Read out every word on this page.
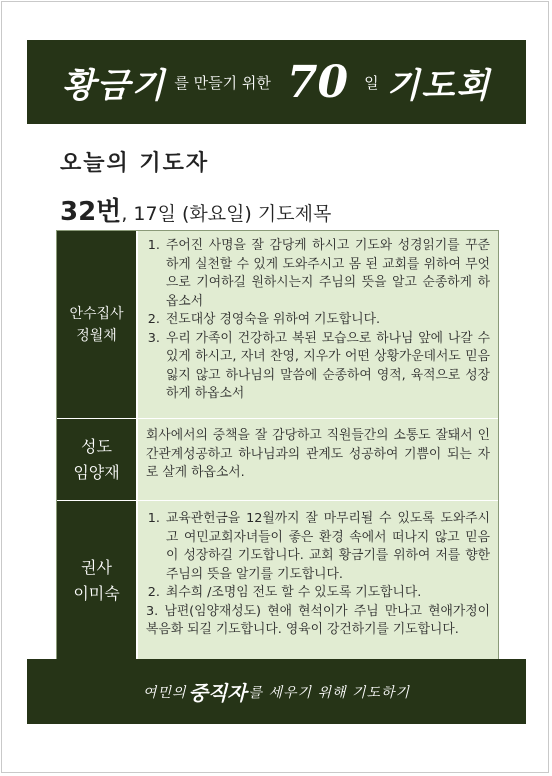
황금기 를 만들기 위한 70 일 기도회
오늘의 기도자
32번, 17일 (화요일) 기도제목
안수집사
정월채
1. 주어진 사명을 잘 감당케 하시고 기도와 성경읽기를 꾸준하게 실천할 수 있게 도와주시고 몸 된 교회를 위하여 무엇으로 기여하길 원하시는지 주님의 뜻을 알고 순종하게 하옵소서
2. 전도대상 경영숙을 위하여 기도합니다.
3. 우리 가족이 건강하고 복된 모습으로 하나님 앞에 나갈 수 있게 하시고, 자녀 찬영, 지우가 어떤 상황가운데서도 믿음 잃지 않고 하나님의 말씀에 순종하여 영적, 육적으로 성장하게 하옵소서
성도
임양재

회사에서의 중책을 잘 감당하고 직원들간의 소통도 잘돼서 인간관계성공하고 하나님과의 관계도 성공하여 기쁨이 되는 자로 살게 하옵소서.

권사
이미숙
1. 교육관헌금을 12월까지 잘 마무리될 수 있도록 도와주시고 여민교회자녀들이 좋은 환경 속에서 떠나지 않고 믿음이 성장하길 기도합니다. 교회 황금기를 위하여 저를 향한 주님의 뜻을 알기를 기도합니다.
2. 최수희 /조명임 전도 할 수 있도록 기도합니다.

3. 남편(임양재성도) 현애 현석이가 주님 만나고 현애가정이 복음화 되길 기도합니다. 영육이 강건하기를 기도합니다.

여민의 중직자 를 세우기 위해 기도하기
